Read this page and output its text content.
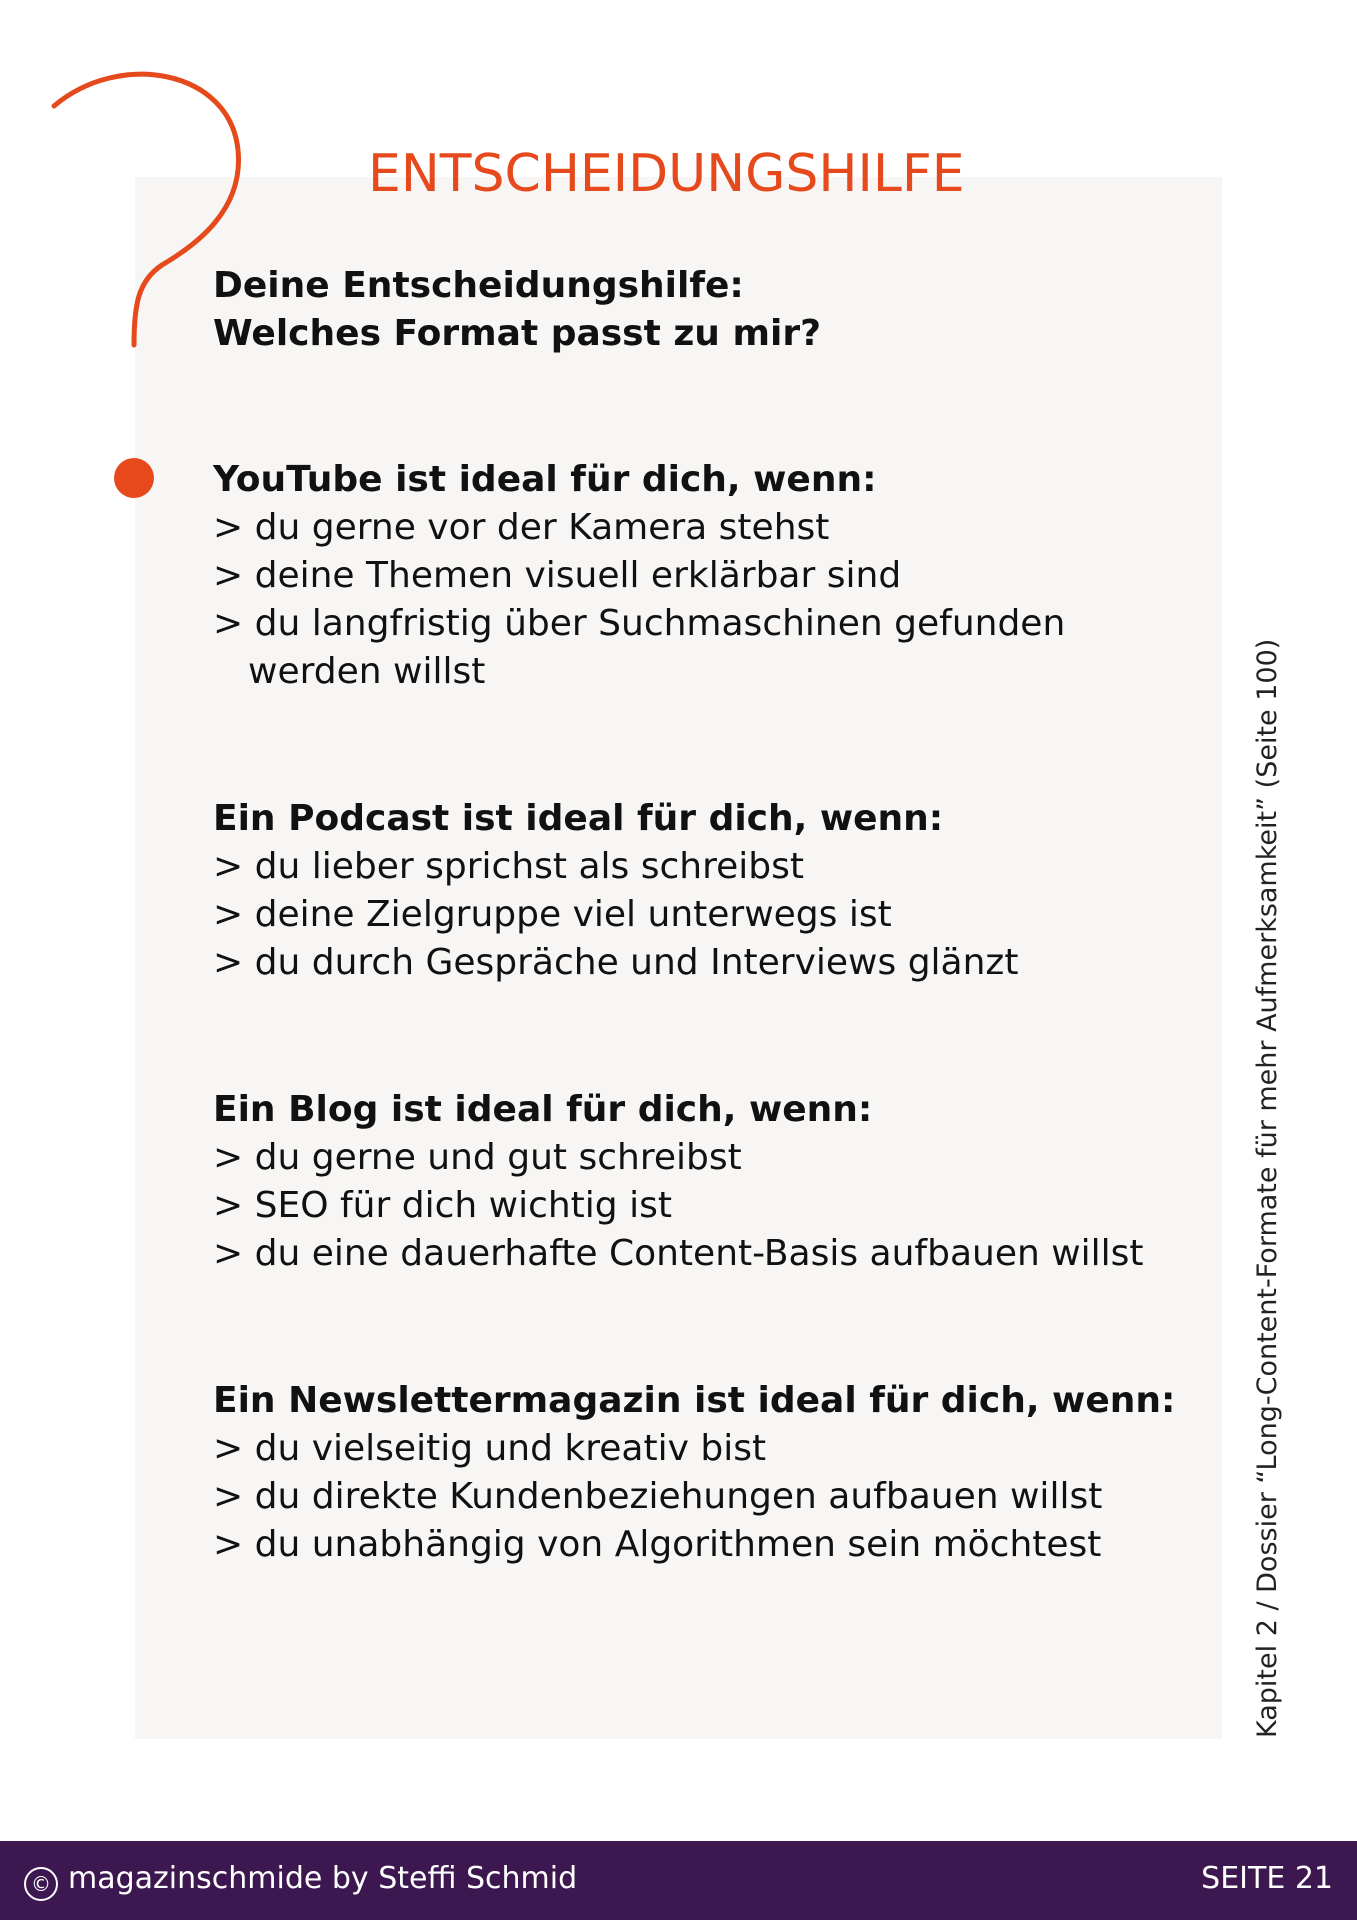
ENTSCHEIDUNGSHILFE
Deine Entscheidungshilfe:
Welches Format passt zu mir?
YouTube ist ideal für dich, wenn:
> du gerne vor der Kamera stehst
> deine Themen visuell erklärbar sind
> du langfristig über Suchmaschinen gefunden werden willst
Ein Podcast ist ideal für dich, wenn:
> du lieber sprichst als schreibst
> deine Zielgruppe viel unterwegs ist
> du durch Gespräche und Interviews glänzt
Ein Blog ist ideal für dich, wenn:
> du gerne und gut schreibst
> SEO für dich wichtig ist
> du eine dauerhafte Content-Basis aufbauen willst
Ein Newslettermagazin ist ideal für dich, wenn:
> du vielseitig und kreativ bist
> du direkte Kundenbeziehungen aufbauen willst
> du unabhängig von Algorithmen sein möchtest	Kapitel 2 / Dossier “Long-Content-Formate für mehr Aufmerksamkeit” (Seite 100)
© magazinschmide by Steffi Schmid	SEITE 21
